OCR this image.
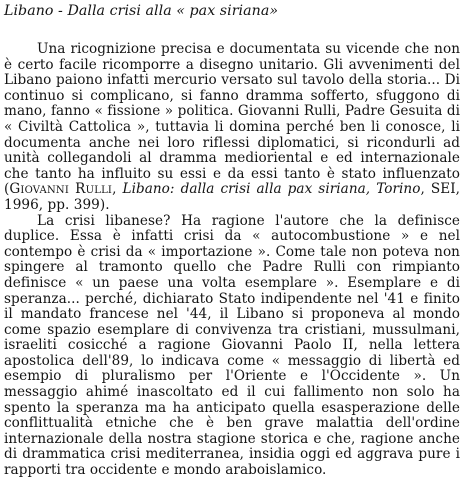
Libano - Dalla crisi alla « pax siriana»

Una ricognizione precisa e documentata su vicende che non è certo facile ricomporre a disegno unitario. Gli avvenimenti del Libano paiono infatti mercurio versato sul tavolo della storia... Di continuo si complicano, si fanno dramma sofferto, sfuggono di mano, fanno « fissione » politica. Giovanni Rulli, Padre Gesuita di « Civiltà Cattolica », tuttavia li domina perché ben li conosce, li documenta anche nei loro riflessi diplomatici, si ricondurli ad unità collegandoli al dramma medioriental e ed internazionale che tanto ha influito su essi e da essi tanto è stato influenzato (Giovanni Rulli, Libano: dalla crisi alla pax siriana, Torino, SEI, 1996, pp. 399).

La crisi libanese? Ha ragione l'autore che la definisce duplice. Essa è infatti crisi da « autocombustione » e nel contempo è crisi da « importazione ». Come tale non poteva non spingere al tramonto quello che Padre Rulli con rimpianto definisce « un paese una volta esemplare ». Esemplare e di speranza... perché, dichiarato Stato indipendente nel '41 e finito il mandato francese nel '44, il Libano si proponeva al mondo come spazio esemplare di convivenza tra cristiani, mussulmani, israeliti cosicché a ragione Giovanni Paolo II, nella lettera apostolica dell'89, lo indicava come « messaggio di libertà ed esempio di pluralismo per l'Oriente e l'Occidente ». Un messaggio ahimé inascoltato ed il cui fallimento non solo ha spento la speranza ma ha anticipato quella esasperazione delle conflittualità etniche che è ben grave malattia dell'ordine internazionale della nostra stagione storica e che, ragione anche di drammatica crisi mediterranea, insidia oggi ed aggrava pure i rapporti tra occidente e mondo araboislamico.
